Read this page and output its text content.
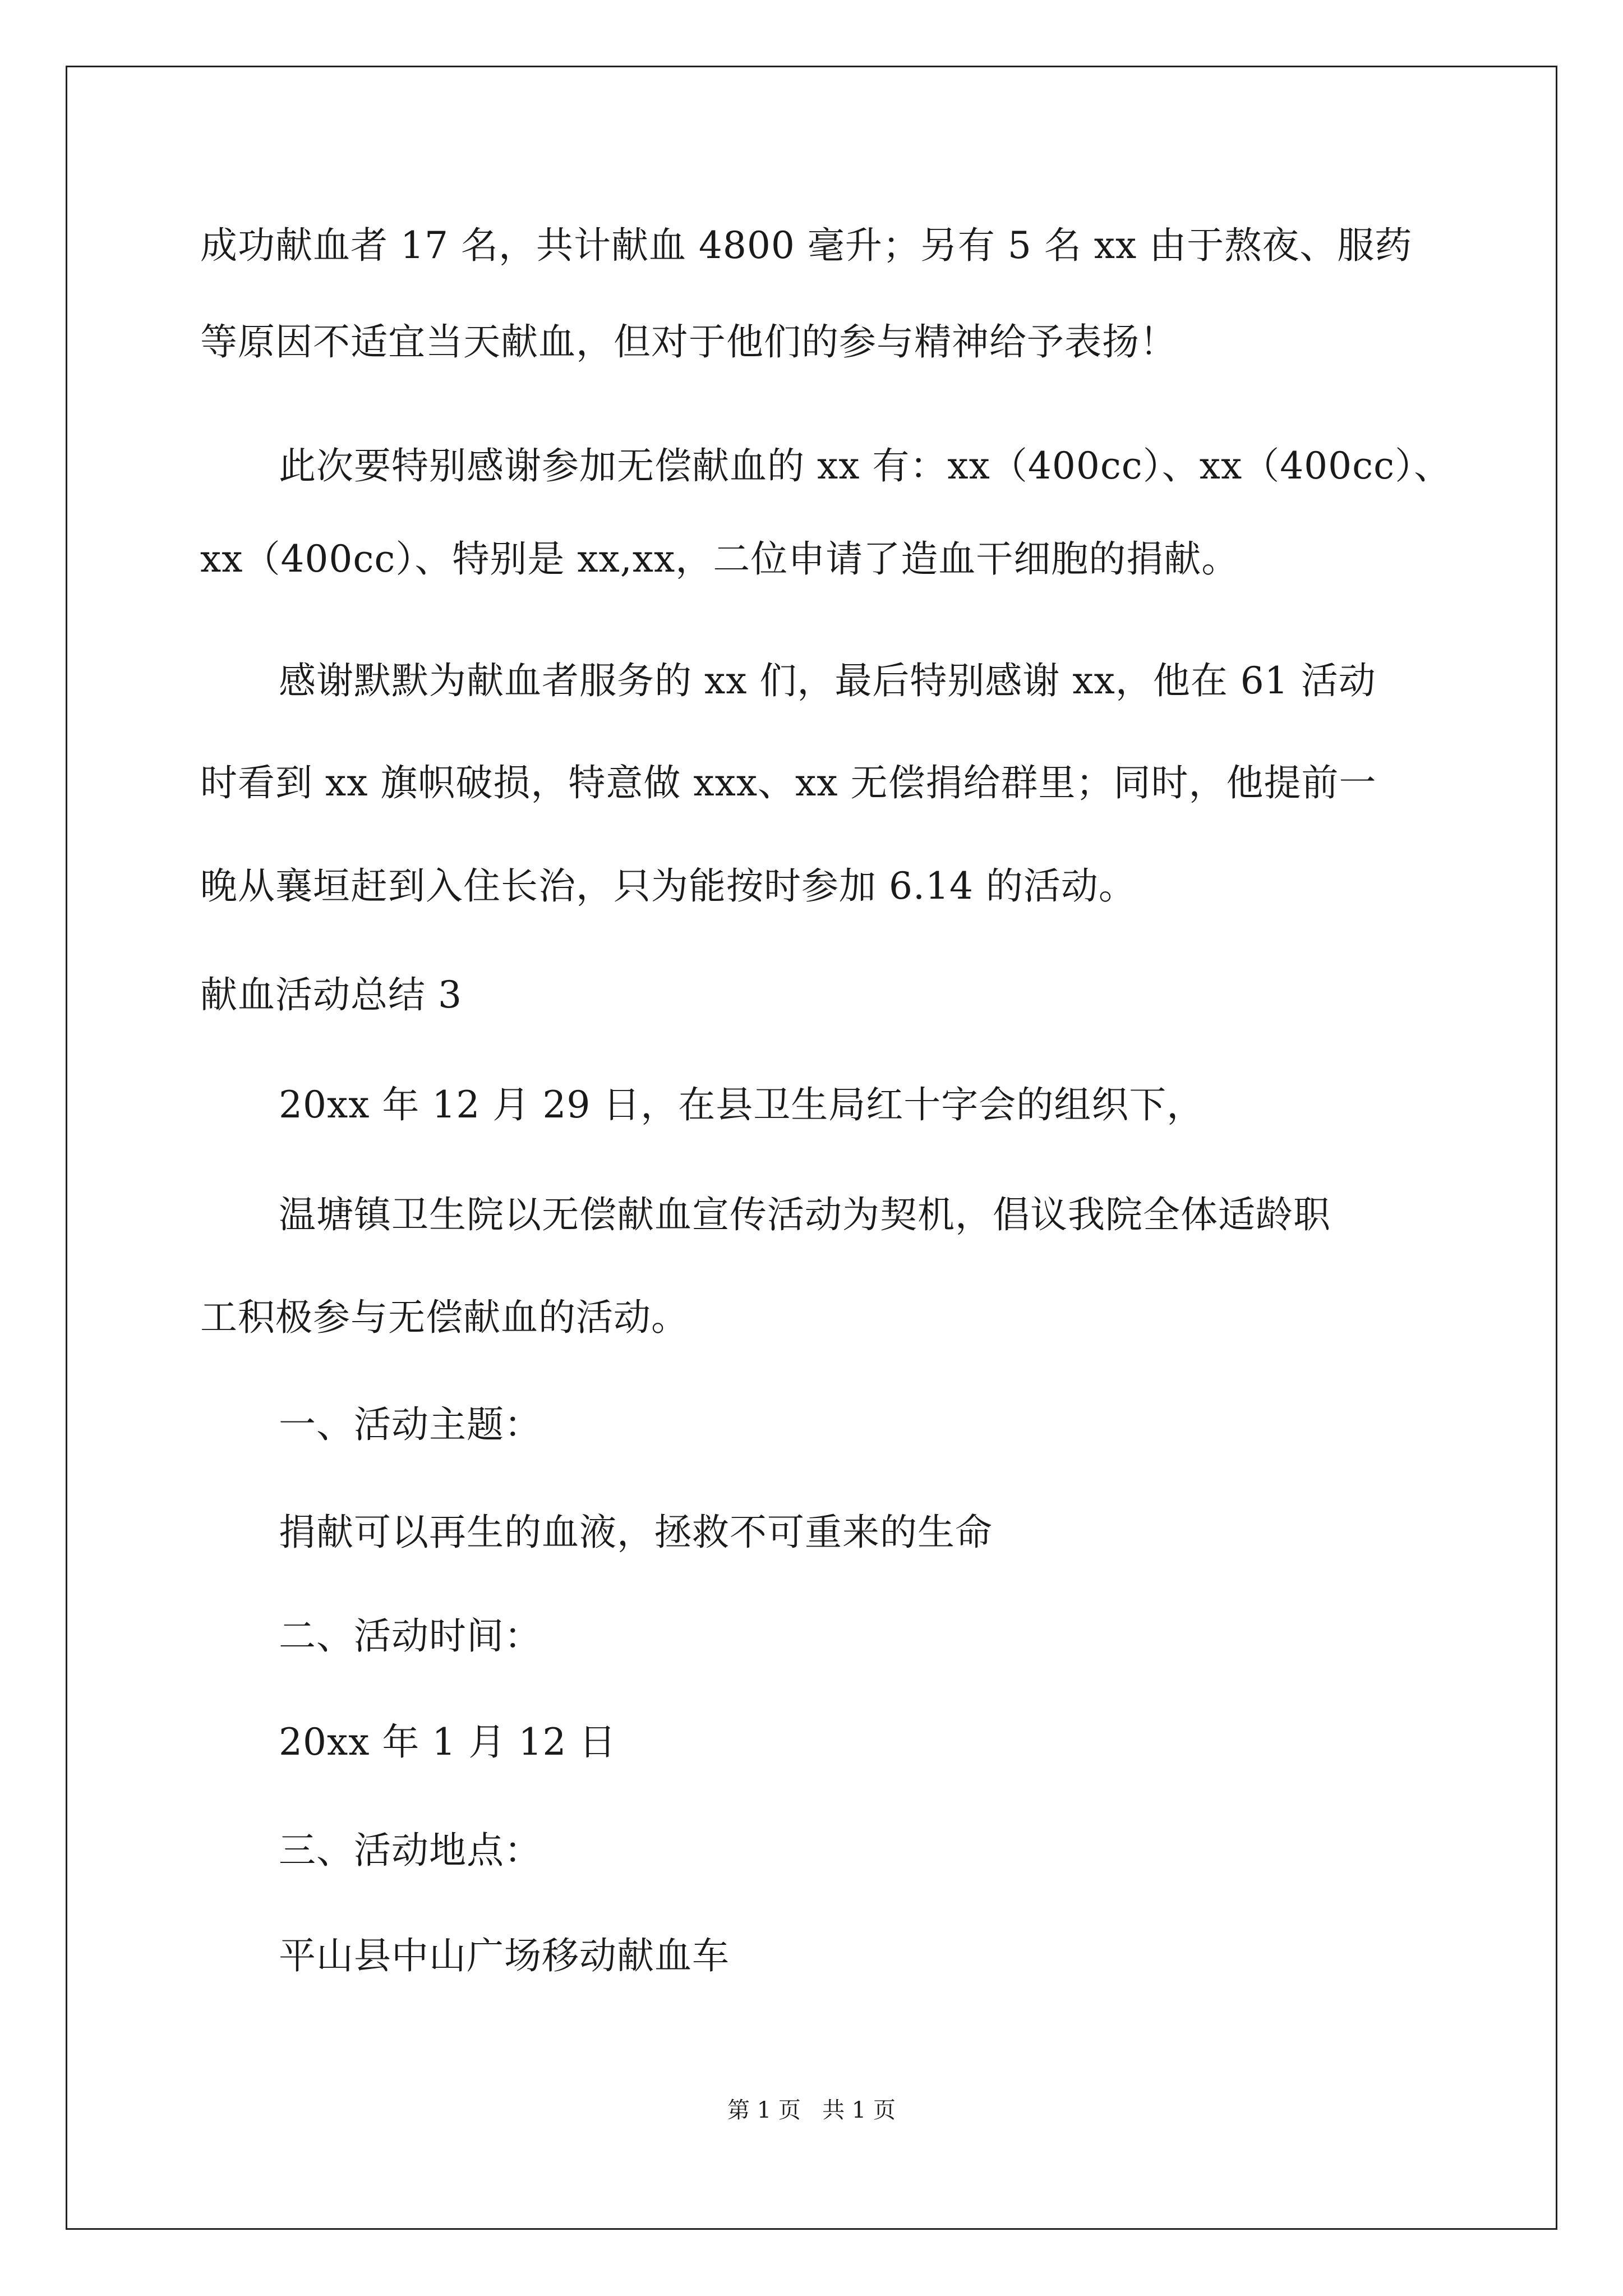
成功献血者 17 名，共计献血 4800 毫升；另有 5 名 xx 由于熬夜、服药
等原因不适宜当天献血，但对于他们的参与精神给予表扬！
此次要特别感谢参加无偿献血的 xx 有：xx（400cc）、xx（400cc）、
xx（400cc）、特别是 xx,xx，二位申请了造血干细胞的捐献。
感谢默默为献血者服务的 xx 们，最后特别感谢 xx，他在 61 活动
时看到 xx 旗帜破损，特意做 xxx、xx 无偿捐给群里；同时，他提前一
晚从襄垣赶到入住长治，只为能按时参加 6.14 的活动。
献血活动总结 3
20xx 年 12 月 29 日，在县卫生局红十字会的组织下，
温塘镇卫生院以无偿献血宣传活动为契机，倡议我院全体适龄职
工积极参与无偿献血的活动。
一、活动主题：
捐献可以再生的血液，拯救不可重来的生命
二、活动时间：
20xx 年 1 月 12 日
三、活动地点：
平山县中山广场移动献血车
第 1 页   共 1 页
